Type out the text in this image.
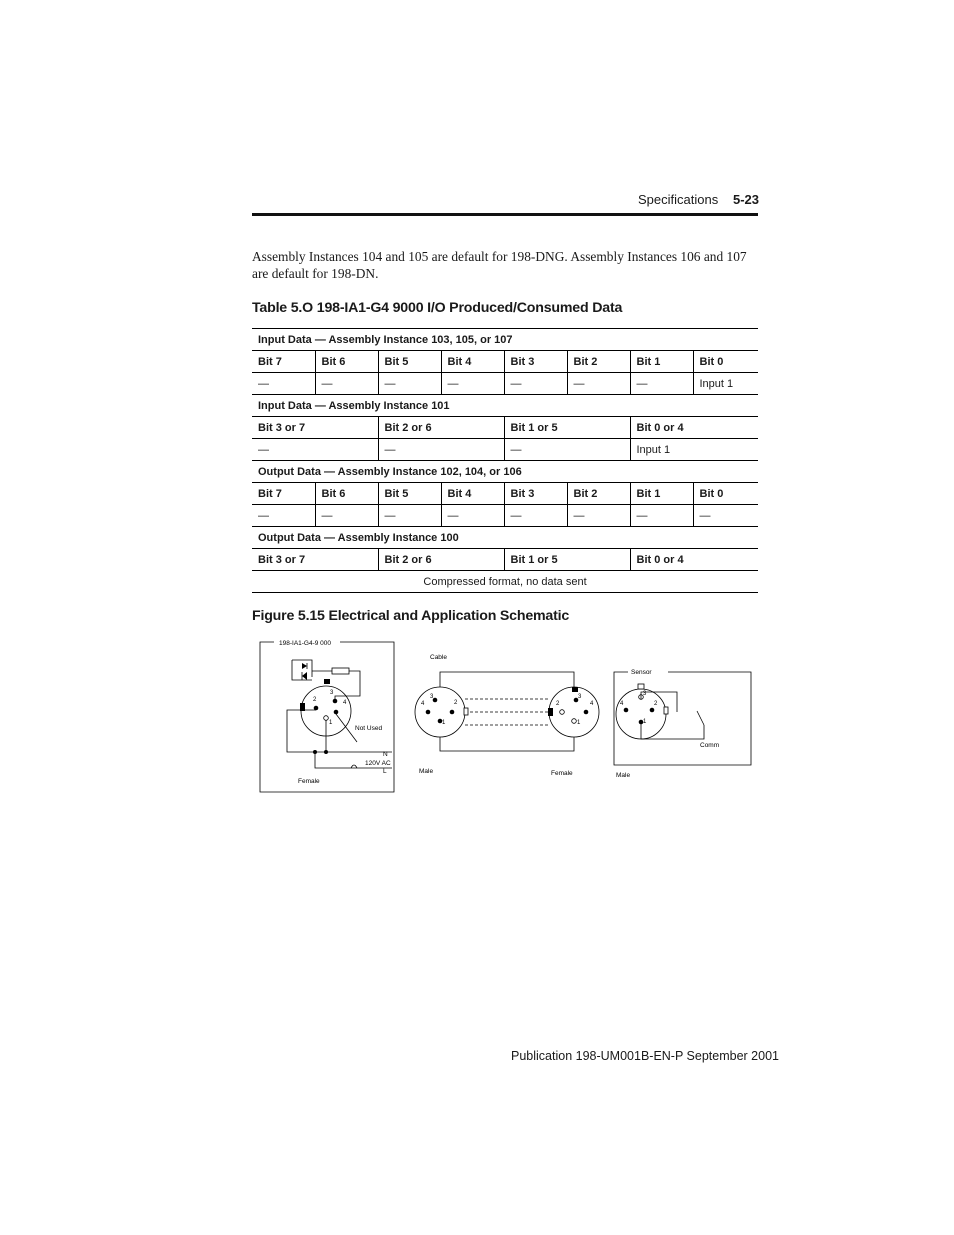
Specifications 5-23
Assembly Instances 104 and 105 are default for 198-DNG. Assembly Instances 106 and 107 are default for 198-DN.
Table 5.O 198-IA1-G4 9000 I/O Produced/Consumed Data
Input Data — Assembly Instance 103, 105, or 107							
Bit 7	Bit 6	Bit 5	Bit 4	Bit 3	Bit 2	Bit 1	Bit 0
—	—	—	—	—	—	—	Input 1
Input Data — Assembly Instance 101							
Bit 3 or 7		Bit 2 or 6		Bit 1 or 5		Bit 0 or 4	
—		—		—		Input 1	
Output Data — Assembly Instance 102, 104, or 106							
Bit 7	Bit 6	Bit 5	Bit 4	Bit 3	Bit 2	Bit 1	Bit 0
—	—	—	—	—	—	—	—
Output Data — Assembly Instance 100							
Bit 3 or 7		Bit 2 or 6		Bit 1 or 5		Bit 0 or 4	
Compressed format, no data sent							
Figure 5.15 Electrical and Application Schematic
198-IA1-G4-9 000
3
2	4
1
Not Used
N
120V AC
L
Female
Cable
3
4	2
1
3
2	4
1
Male	Female
Sensor
3
4	2
1
Comm
Male
Publication 198-UM001B-EN-P September 2001
